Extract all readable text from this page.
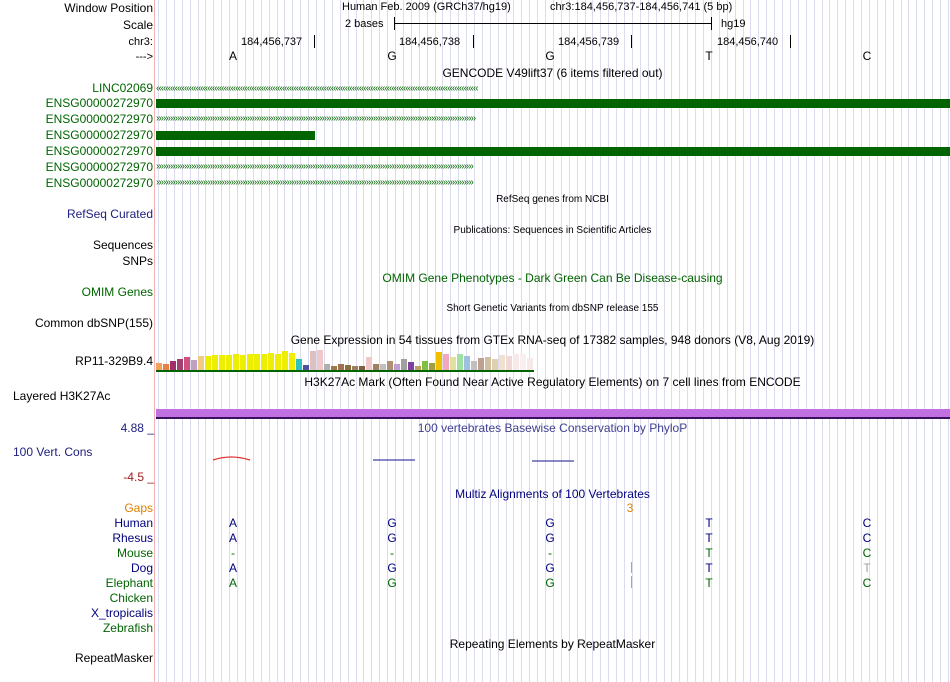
Window Position
Scale
chr3:
--->
LINC02069
ENSG00000272970
ENSG00000272970
ENSG00000272970
ENSG00000272970
ENSG00000272970
ENSG00000272970
RefSeq Curated
Sequences
SNPs
OMIM Genes
Common dbSNP(155)
RP11-329B9.4
Layered H3K27Ac
4.88 _
100 Vert. Cons
-4.5 _
Gaps
Human
Rhesus
Mouse
Dog
Elephant
Chicken
X_tropicalis
Zebrafish
RepeatMasker
Human Feb. 2009 (GRCh37/hg19)	chr3:184,456,737-184,456,741 (5 bp)
2 bases	hg19
184,456,737	184,456,738	184,456,739	184,456,740
A	G	G	T	C
GENCODE V49lift37 (6 items filtered out)
‹‹‹‹‹‹‹‹‹‹‹‹‹‹‹‹‹‹‹‹‹‹‹‹‹‹‹‹‹‹‹‹‹‹‹‹‹‹‹‹‹‹‹‹‹‹‹‹‹‹‹‹‹‹‹‹‹‹‹‹‹‹‹‹‹‹‹‹‹‹‹‹‹‹‹‹‹‹‹‹‹‹‹‹‹‹‹‹‹‹‹‹‹‹‹‹‹‹‹‹‹‹‹‹‹‹‹‹‹‹‹‹‹‹‹‹‹‹‹‹‹‹‹‹‹‹‹‹‹‹‹‹‹‹‹‹‹‹
›››››››››››››››››››››››››››››››››››››››››››››››››››››››››››››››››››››››››››››››››››››››››››››››››››››››››››››››››››››››››››››››››››››››››
››››››››››››››››››››››››››››››››››››››››››››››››››››››››››››››››››››››››››››››››››››››››››››››››››››››››››››››››››››››››››››››››››››››››
››››››››››››››››››››››››››››››››››››››››››››››››››››››››››››››››››››››››››››››››››››››››››››››››››››››››››››››››››››››››››››››››››››››››
RefSeq genes from NCBI
Publications: Sequences in Scientific Articles
OMIM Gene Phenotypes - Dark Green Can Be Disease-causing
Short Genetic Variants from dbSNP release 155
Gene Expression in 54 tissues from GTEx RNA-seq of 17382 samples, 948 donors (V8, Aug 2019)
H3K27Ac Mark (Often Found Near Active Regulatory Elements) on 7 cell lines from ENCODE
100 vertebrates Basewise Conservation by PhyloP
Multiz Alignments of 100 Vertebrates
3
A	G	G	T	C
A	G	G	T	C
-	-	-	T	C
A	G	G	T	T
A	G	G	T	C
Repeating Elements by RepeatMasker
